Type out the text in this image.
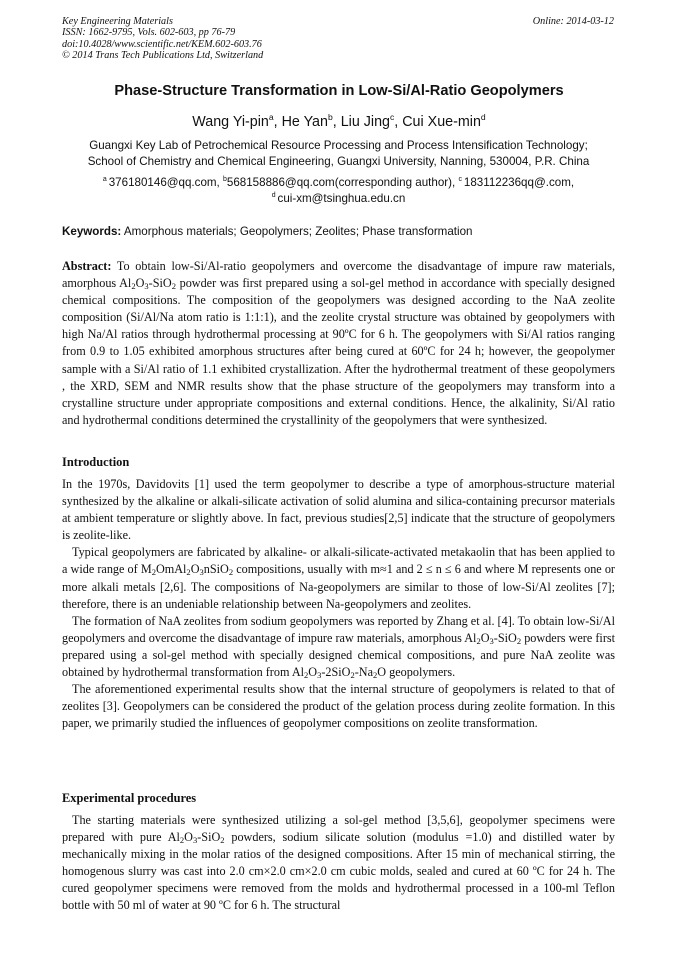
Key Engineering Materials
ISSN: 1662-9795, Vols. 602-603, pp 76-79
doi:10.4028/www.scientific.net/KEM.602-603.76
© 2014 Trans Tech Publications Ltd, Switzerland
Online: 2014-03-12
Phase-Structure Transformation in Low-Si/Al-Ratio Geopolymers
Wang Yi-pin$^a$, He Yan$^b$, Liu Jing$^c$, Cui Xue-$\min^d$
Guangxi Key Lab of Petrochemical Resource Processing and Process Intensification Technology;
School of Chemistry and Chemical Engineering, Guangxi University, Nanning, 530004, P.R. China
$^a$ 376180146@qq.com, $^b$568158886@qq.com(corresponding author), $^c$ 183112236qq@.com,
$^d$ cui-xm@tsinghua.edu.cn
Keywords: Amorphous materials; Geopolymers; Zeolites; Phase transformation

Abstract: To obtain low-Si/Al-ratio geopolymers and overcome the disadvantage of impure raw materials, amorphous $Al_2O_3-SiO_2$ powder was first prepared using a sol-gel method in accordance with specially designed chemical compositions. The composition of the geopolymers was designed according to the NaA zeolite composition (Si/Al/Na atom ratio is 1:1:1), and the zeolite crystal structure was obtained by geopolymers with high Na/Al ratios through hydrothermal processing at 90ºC for 6 h. The geopolymers with Si/Al ratios ranging from 0.9 to 1.05 exhibited amorphous structures after being cured at 60ºC for 24 h; however, the geopolymer sample with a Si/Al ratio of 1.1 exhibited crystallization. After the hydrothermal treatment of these geopolymers , the XRD, SEM and NMR results show that the phase structure of the geopolymers may transform into a crystalline structure under appropriate compositions and external conditions. Hence, the alkalinity, Si/Al ratio and hydrothermal conditions determined the crystallinity of the geopolymers that were synthesized.

Introduction

In the 1970s, Davidovits [1] used the term geopolymer to describe a type of amorphous-structure material synthesized by the alkaline or alkali-silicate activation of solid alumina and silica-containing precursor materials at ambient temperature or slightly above. In fact, previous studies[2,5] indicate that the structure of geopolymers is zeolite-like.

Typical geopolymers are fabricated by alkaline- or alkali-silicate-activated metakaolin that has been applied to a wide range of $M_2OmAl_2O_3nSiO_2$ compositions, usually with m≈1 and 2 ≤ n ≤ 6 and where M represents one or more alkali metals [2,6]. The compositions of Na-geopolymers are similar to those of low-Si/Al zeolites [7]; therefore, there is an undeniable relationship between Na-geopolymers and zeolites.

The formation of NaA zeolites from sodium geopolymers was reported by Zhang et al. [4]. To obtain low-Si/Al geopolymers and overcome the disadvantage of impure raw materials, amorphous $Al_2O_3-SiO_2$ powders were first prepared using a sol-gel method with specially designed chemical compositions, and pure NaA zeolite was obtained by hydrothermal transformation from $Al_2O_3-2SiO_2-Na_2O$ geopolymers.

The aforementioned experimental results show that the internal structure of geopolymers is related to that of zeolites [3]. Geopolymers can be considered the product of the gelation process during zeolite formation. In this paper, we primarily studied the influences of geopolymer compositions on zeolite transformation.

Experimental procedures

The starting materials were synthesized utilizing a sol-gel method [3,5,6], geopolymer specimens were prepared with pure $Al_2O_3-SiO_2$ powders, sodium silicate solution (modulus =1.0) and distilled water by mechanically mixing in the molar ratios of the designed compositions. After 15 min of mechanical stirring, the homogenous slurry was cast into 2.0 cm×2.0 cm×2.0 cm cubic molds, sealed and cured at 60 ºC for 24 h. The cured geopolymer specimens were removed from the molds and hydrothermal processed in a 100-ml Teflon bottle with 50 ml of water at 90 ºC for 6 h. The structural
